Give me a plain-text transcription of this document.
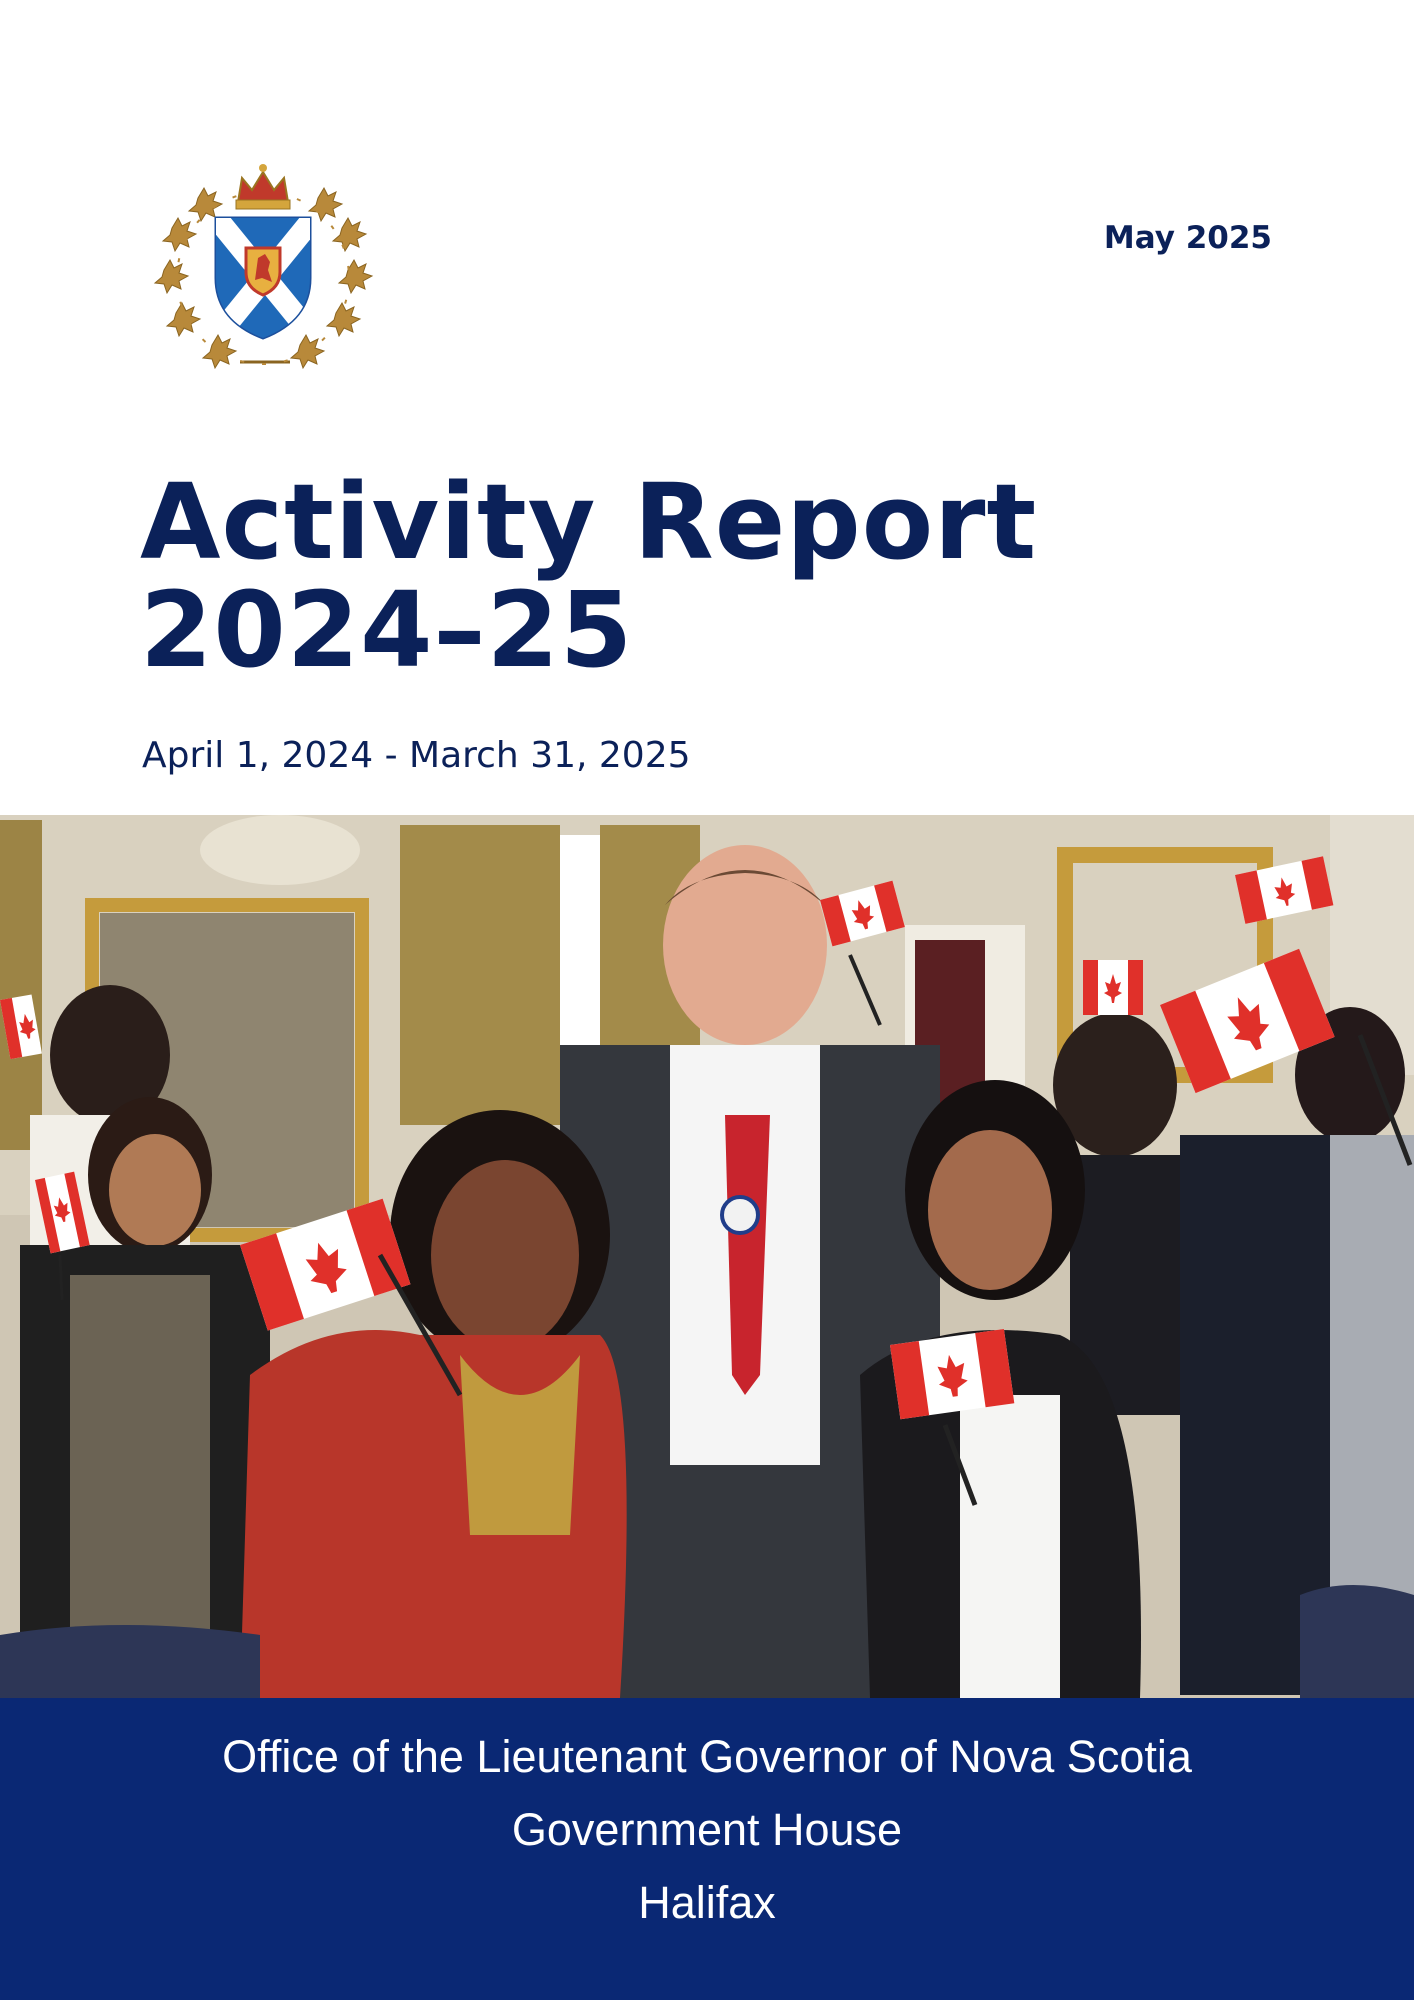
May 2025

Activity Report
2024–25

April 1, 2024 - March 31, 2025

Office of the Lieutenant Governor of Nova Scotia

Government House

Halifax
